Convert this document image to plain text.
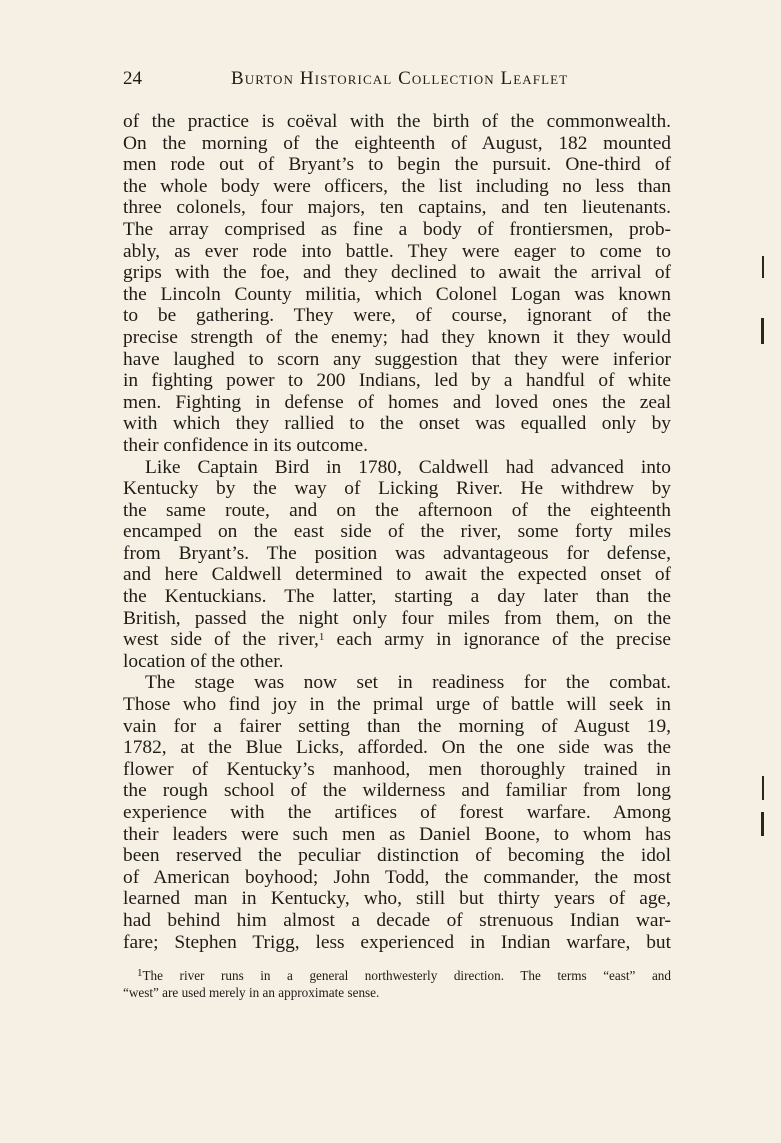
24	Burton Historical Collection Leaflet
of the practice is coëval with the birth of the commonwealth.
On the morning of the eighteenth of August, 182 mounted
men rode out of Bryant’s to begin the pursuit. One-third of
the whole body were officers, the list including no less than
three colonels, four majors, ten captains, and ten lieutenants.
The array comprised as fine a body of frontiersmen, prob-
ably, as ever rode into battle. They were eager to come to
grips with the foe, and they declined to await the arrival of
the Lincoln County militia, which Colonel Logan was known
to be gathering. They were, of course, ignorant of the
precise strength of the enemy; had they known it they would
have laughed to scorn any suggestion that they were inferior
in fighting power to 200 Indians, led by a handful of white
men. Fighting in defense of homes and loved ones the zeal
with which they rallied to the onset was equalled only by
their confidence in its outcome.
Like Captain Bird in 1780, Caldwell had advanced into
Kentucky by the way of Licking River. He withdrew by
the same route, and on the afternoon of the eighteenth
encamped on the east side of the river, some forty miles
from Bryant’s. The position was advantageous for defense,
and here Caldwell determined to await the expected onset of
the Kentuckians. The latter, starting a day later than the
British, passed the night only four miles from them, on the
west side of the river,$^1$ each army in ignorance of the precise
location of the other.
The stage was now set in readiness for the combat.
Those who find joy in the primal urge of battle will seek in
vain for a fairer setting than the morning of August 19,
1782, at the Blue Licks, afforded. On the one side was the
flower of Kentucky’s manhood, men thoroughly trained in
the rough school of the wilderness and familiar from long
experience with the artifices of forest warfare. Among
their leaders were such men as Daniel Boone, to whom has
been reserved the peculiar distinction of becoming the idol
of American boyhood; John Todd, the commander, the most
learned man in Kentucky, who, still but thirty years of age,
had behind him almost a decade of strenuous Indian war-
fare; Stephen Trigg, less experienced in Indian warfare, but
$^1$The river runs in a general northwesterly direction. The terms “east” and
“west” are used merely in an approximate sense.
